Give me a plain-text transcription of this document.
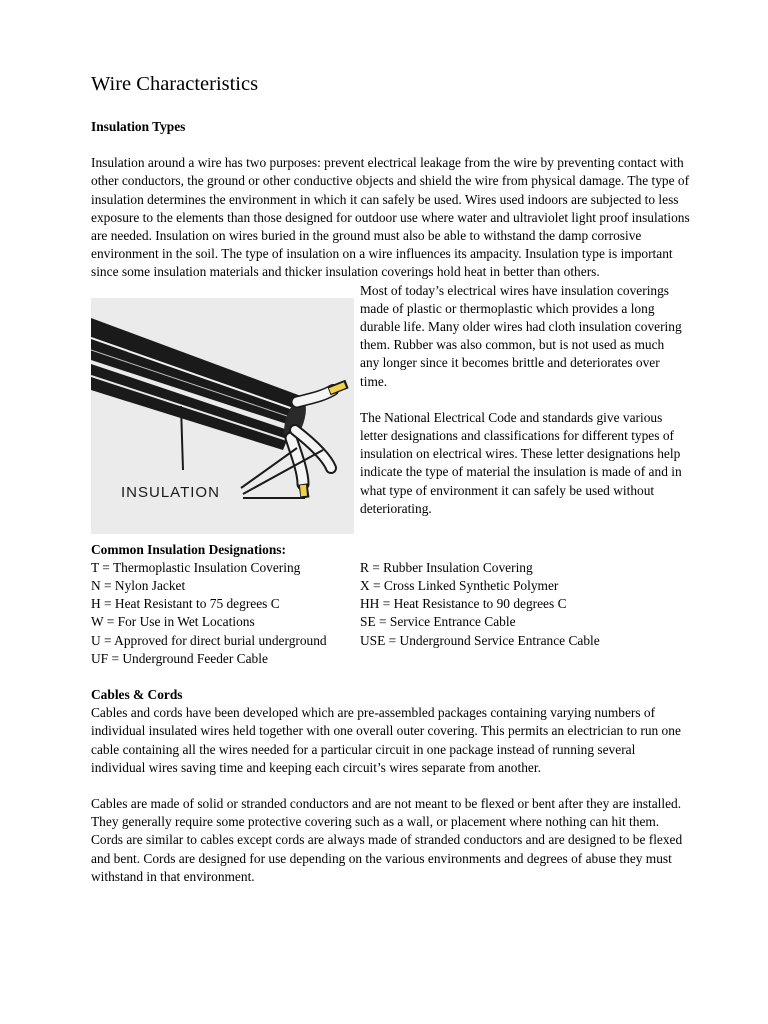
Wire Characteristics

Insulation Types

Insulation around a wire has two purposes: prevent electrical leakage from the wire by preventing contact with other conductors, the ground or other conductive objects and shield the wire from physical damage. The type of insulation determines the environment in which it can safely be used. Wires used indoors are subjected to less exposure to the elements than those designed for outdoor use where water and ultraviolet light proof insulations are needed. Insulation on wires buried in the ground must also be able to withstand the damp corrosive environment in the soil. The type of insulation on a wire influences its ampacity. Insulation type is important since some insulation materials and thicker insulation coverings hold heat in better than others.

INSULATION

Most of today’s electrical wires have insulation coverings made of plastic or thermoplastic which provides a long durable life. Many older wires had cloth insulation covering them. Rubber was also common, but is not used as much any longer since it becomes brittle and deteriorates over time.

The National Electrical Code and standards give various letter designations and classifications for different types of insulation on electrical wires. These letter designations help indicate the type of material the insulation is made of and in what type of environment it can safely be used without deteriorating.

Common Insulation Designations:

T = Thermoplastic Insulation Covering	R = Rubber Insulation Covering
N = Nylon Jacket	X = Cross Linked Synthetic Polymer
H = Heat Resistant to 75 degrees C	HH = Heat Resistance to 90 degrees C
W = For Use in Wet Locations	SE = Service Entrance Cable
U = Approved for direct burial underground	USE = Underground Service Entrance Cable
UF = Underground Feeder Cable

Cables & Cords

Cables and cords have been developed which are pre-assembled packages containing varying numbers of individual insulated wires held together with one overall outer covering. This permits an electrician to run one cable containing all the wires needed for a particular circuit in one package instead of running several individual wires saving time and keeping each circuit’s wires separate from another.

Cables are made of solid or stranded conductors and are not meant to be flexed or bent after they are installed. They generally require some protective covering such as a wall, or placement where nothing can hit them. Cords are similar to cables except cords are always made of stranded conductors and are designed to be flexed and bent. Cords are designed for use depending on the various environments and degrees of abuse they must withstand in that environment.
